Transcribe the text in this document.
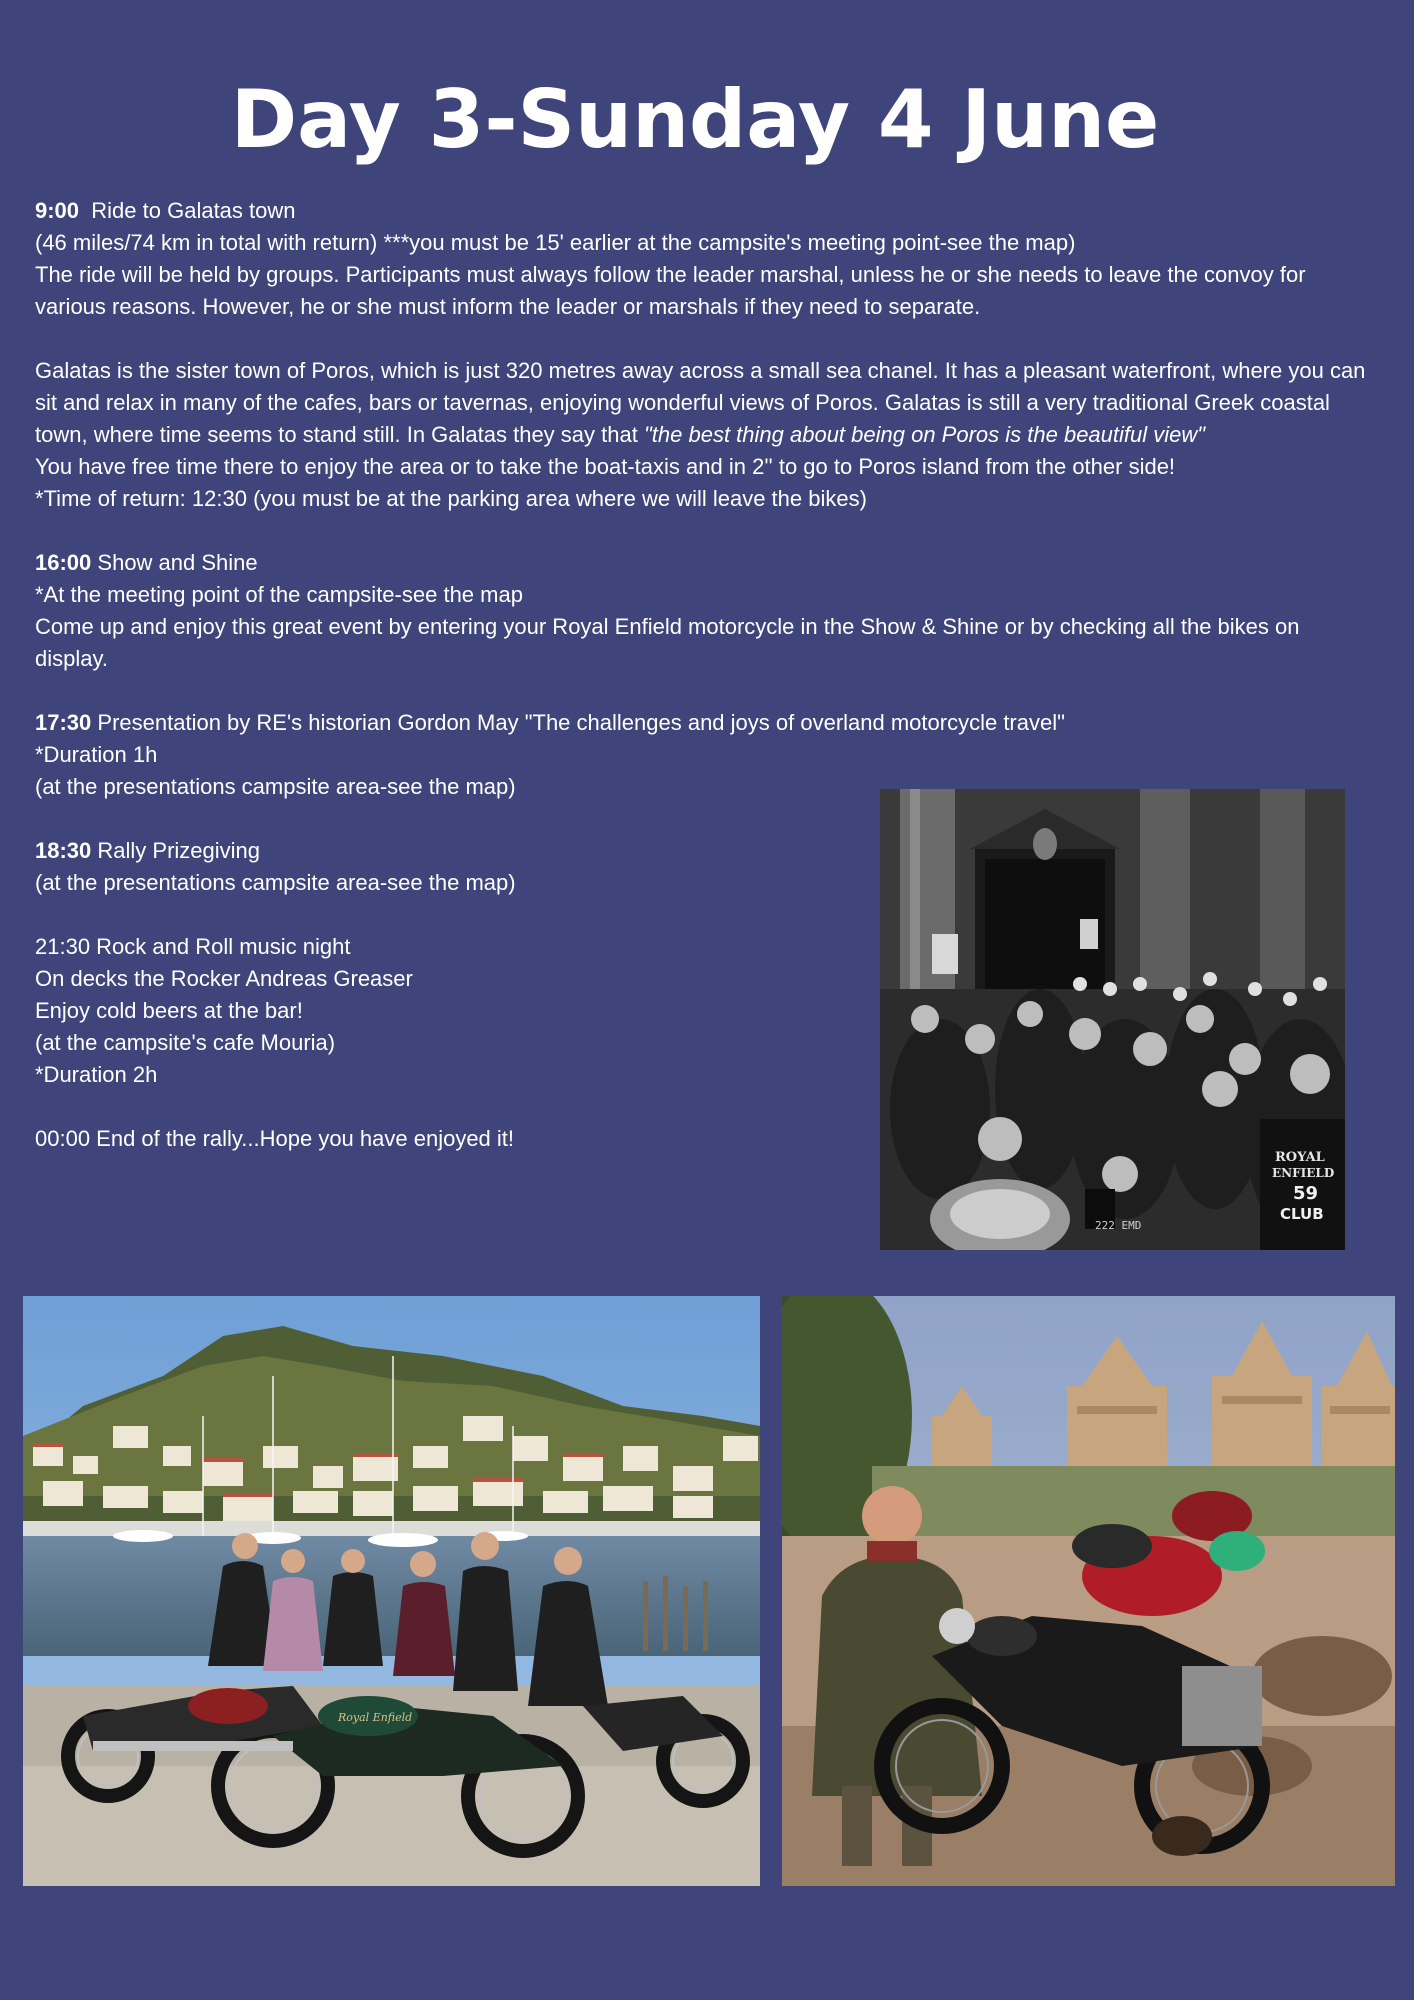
Day 3-Sunday 4 June

9:00 Ride to Galatas town

(46 miles/74 km in total with return) ***you must be 15' earlier at the campsite's meeting point-see the map)

The ride will be held by groups. Participants must always follow the leader marshal, unless he or she needs to leave the convoy for various reasons. However, he or she must inform the leader or marshals if they need to separate.

Galatas is the sister town of Poros, which is just 320 metres away across a small sea chanel. It has a pleasant waterfront, where you can sit and relax in many of the cafes, bars or tavernas, enjoying wonderful views of Poros. Galatas is still a very traditional Greek coastal town, where time seems to stand still. In Galatas they say that "the best thing about being on Poros is the beautiful view"

You have free time there to enjoy the area or to take the boat-taxis and in 2'' to go to Poros island from the other side!

*Time of return: 12:30 (you must be at the parking area where we will leave the bikes)

16:00 Show and Shine

*At the meeting point of the campsite-see the map

Come up and enjoy this great event by entering your Royal Enfield motorcycle in the Show & Shine or by checking all the bikes on display.

17:30 Presentation by RE's historian Gordon May "The challenges and joys of overland motorcycle travel"

*Duration 1h

(at the presentations campsite area-see the map)

18:30 Rally Prizegiving

(at the presentations campsite area-see the map)

21:30 Rock and Roll music night

On decks the Rocker Andreas Greaser

Enjoy cold beers at the bar!

(at the campsite's cafe Mouria)

*Duration 2h

00:00 End of the rally...Hope you have enjoyed it!

ROYAL
ENFIELD
59
CLUB
222 EMD
Royal Enfield
